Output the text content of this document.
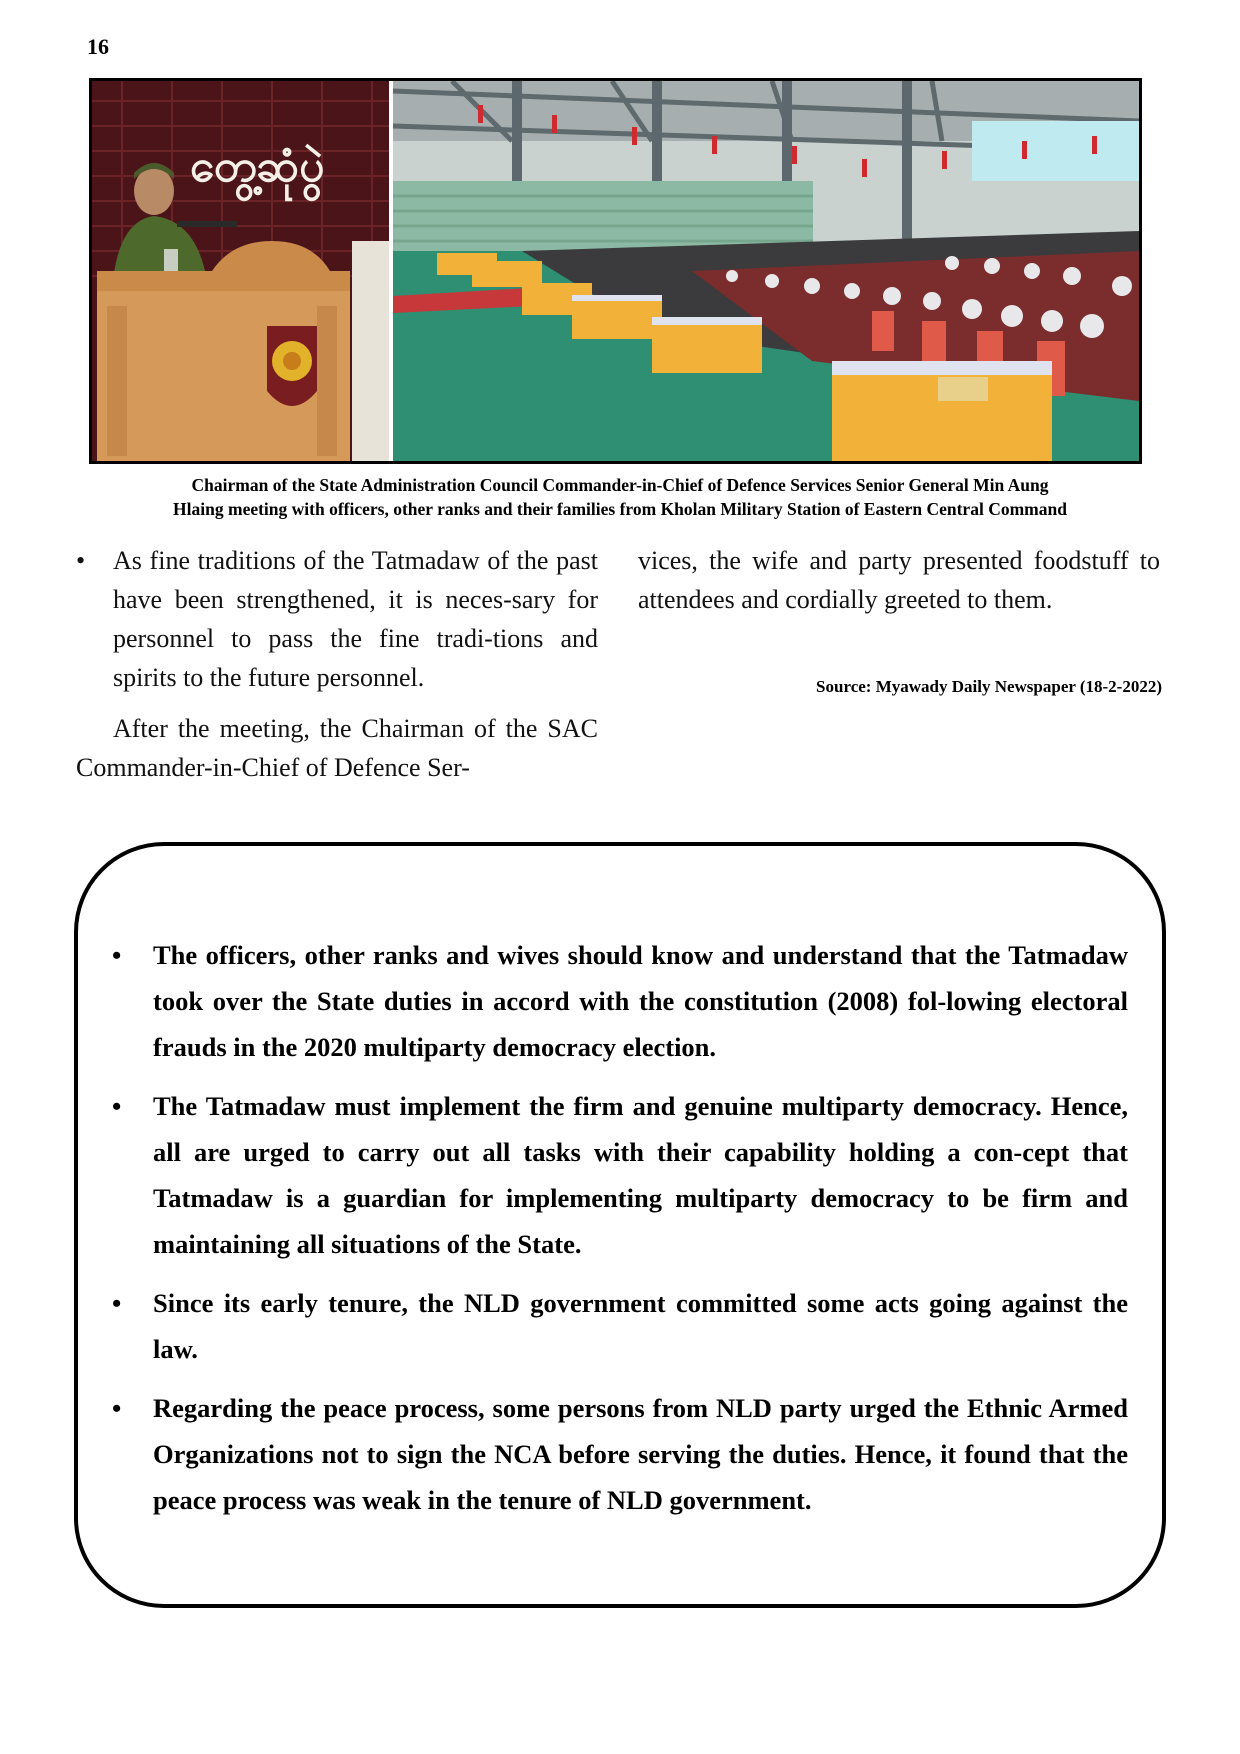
16
တွေ့ဆုံပွဲ
Chairman of the State Administration Council Commander-in-Chief of Defence Services Senior General Min Aung
Hlaing meeting with officers, other ranks and their families from Kholan Military Station of Eastern Central Command
•	As fine traditions of the Tatmadaw of the past have been strengthened, it is neces-sary for personnel to pass the fine tradi-tions and spirits to the future personnel.
After the meeting, the Chairman of the SAC Commander-in-Chief of Defence Ser-
vices, the wife and party presented foodstuff to attendees and cordially greeted to them.
Source: Myawady Daily Newspaper (18-2-2022)
•	The officers, other ranks and wives should know and understand that the Tatmadaw took over the State duties in accord with the constitution (2008) fol-lowing electoral frauds in the 2020 multiparty democracy election.
•	The Tatmadaw must implement the firm and genuine multiparty democracy. Hence, all are urged to carry out all tasks with their capability holding a con-cept that Tatmadaw is a guardian for implementing multiparty democracy to be firm and maintaining all situations of the State.
•	Since its early tenure, the NLD government committed some acts going against the law.
•	Regarding the peace process, some persons from NLD party urged the Ethnic Armed Organizations not to sign the NCA before serving the duties. Hence, it found that the peace process was weak in the tenure of NLD government.
